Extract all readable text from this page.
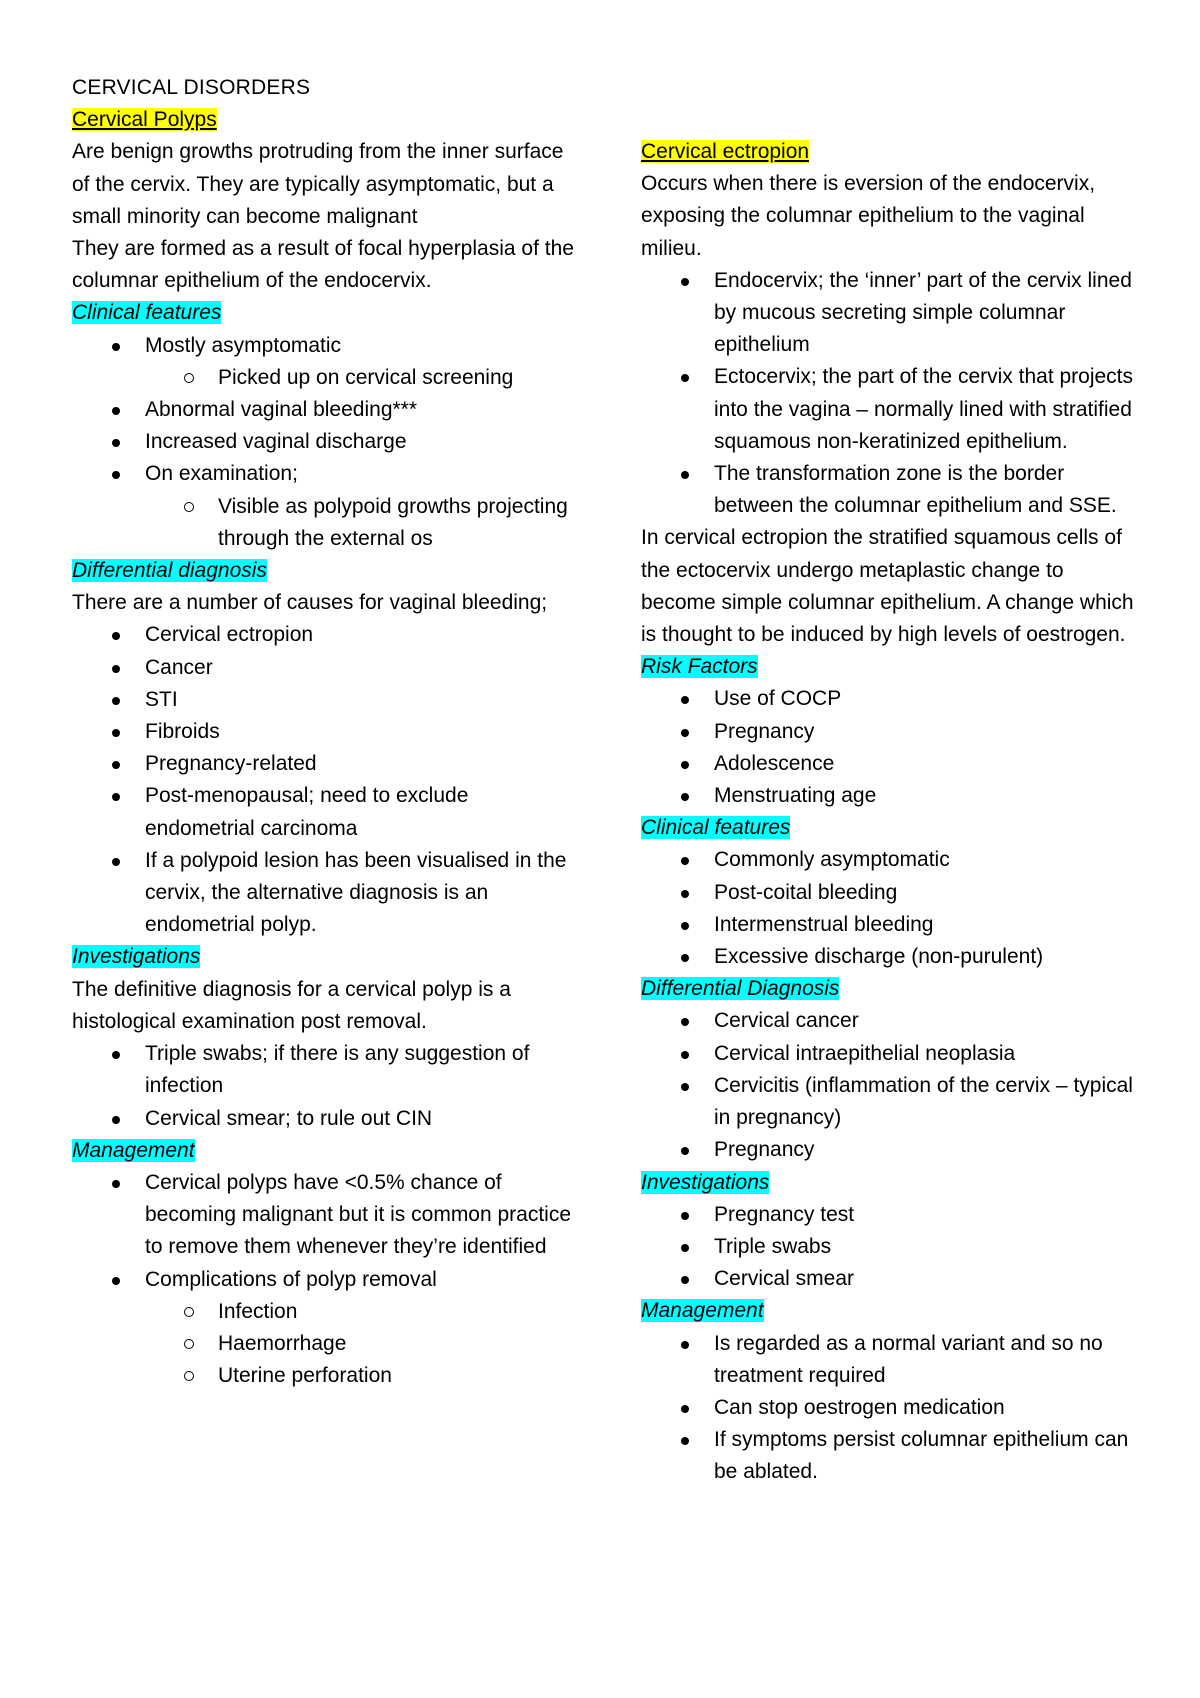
CERVICAL DISORDERS

Cervical Polyps

Are benign growths protruding from the inner surface of the cervix. They are typically asymptomatic, but a small minority can become malignant

They are formed as a result of focal hyperplasia of the columnar epithelium of the endocervix.

Clinical features

Mostly asymptomatic
Picked up on cervical screening
Abnormal vaginal bleeding***
Increased vaginal discharge
On examination;
Visible as polypoid growths projecting through the external os

Differential diagnosis

There are a number of causes for vaginal bleeding;

Cervical ectropion
Cancer
STI
Fibroids
Pregnancy-related
Post-menopausal; need to exclude endometrial carcinoma
If a polypoid lesion has been visualised in the cervix, the alternative diagnosis is an endometrial polyp.

Investigations

The definitive diagnosis for a cervical polyp is a histological examination post removal.

Triple swabs; if there is any suggestion of infection
Cervical smear; to rule out CIN

Management

Cervical polyps have <0.5% chance of becoming malignant but it is common practice to remove them whenever they’re identified
Complications of polyp removal
Infection
Haemorrhage
Uterine perforation

Cervical ectropion

Occurs when there is eversion of the endocervix, exposing the columnar epithelium to the vaginal milieu.

Endocervix; the ‘inner’ part of the cervix lined by mucous secreting simple columnar epithelium
Ectocervix; the part of the cervix that projects into the vagina – normally lined with stratified squamous non-keratinized epithelium.
The transformation zone is the border between the columnar epithelium and SSE.

In cervical ectropion the stratified squamous cells of the ectocervix undergo metaplastic change to become simple columnar epithelium. A change which is thought to be induced by high levels of oestrogen.

Risk Factors

Use of COCP
Pregnancy
Adolescence
Menstruating age

Clinical features

Commonly asymptomatic
Post-coital bleeding
Intermenstrual bleeding
Excessive discharge (non-purulent)

Differential Diagnosis

Cervical cancer
Cervical intraepithelial neoplasia
Cervicitis (inflammation of the cervix – typical in pregnancy)
Pregnancy

Investigations

Pregnancy test
Triple swabs
Cervical smear

Management

Is regarded as a normal variant and so no treatment required
Can stop oestrogen medication
If symptoms persist columnar epithelium can be ablated.
